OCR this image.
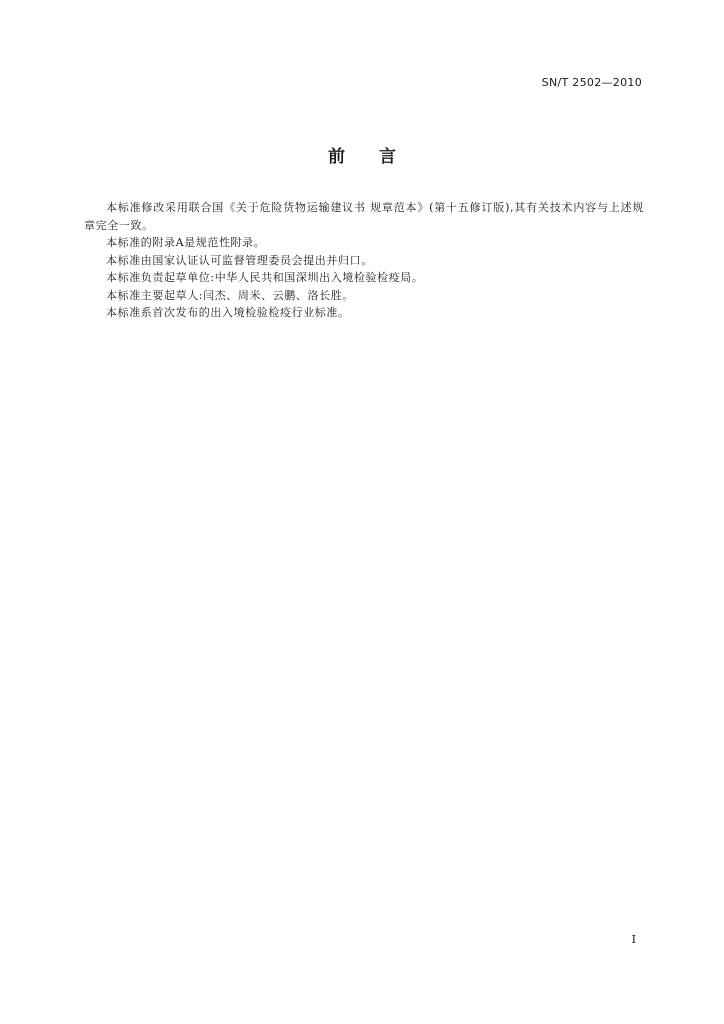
SN/T 2502—2010
前言

本标准修改采用联合国《关于危险货物运输建议书 规章范本》(第十五修订版),其有关技术内容与上述规章完全一致。

本标准的附录A是规范性附录。

本标准由国家认证认可监督管理委员会提出并归口。

本标准负责起草单位:中华人民共和国深圳出入境检验检疫局。

本标准主要起草人:闫杰、周米、云鹏、洛长胜。

本标准系首次发布的出入境检验检疫行业标准。

I
